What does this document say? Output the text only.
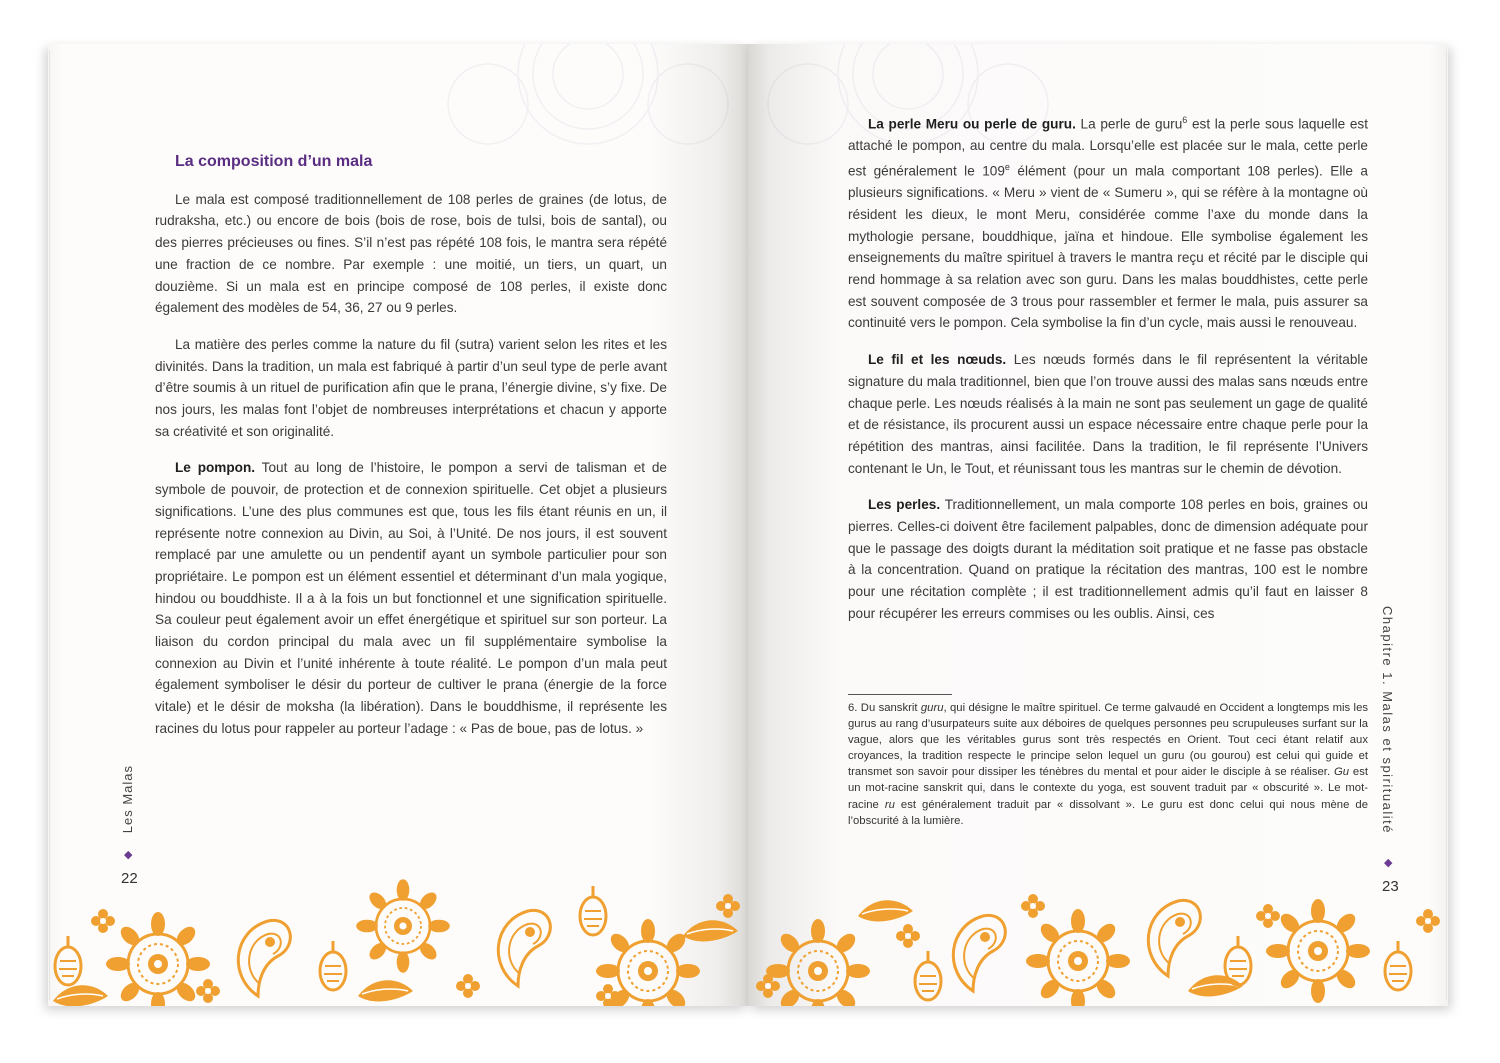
La composition d’un mala

Le mala est composé traditionnellement de 108 perles de graines (de lotus, de rudraksha, etc.) ou encore de bois (bois de rose, bois de tulsi, bois de santal), ou des pierres précieuses ou fines. S’il n’est pas répété 108 fois, le mantra sera répété une fraction de ce nombre. Par exemple : une moitié, un tiers, un quart, un douzième. Si un mala est en principe composé de 108 perles, il existe donc également des modèles de 54, 36, 27 ou 9 perles.

La matière des perles comme la nature du fil (sutra) varient selon les rites et les divinités. Dans la tradition, un mala est fabriqué à partir d’un seul type de perle avant d’être soumis à un rituel de purification afin que le prana, l’énergie divine, s’y fixe. De nos jours, les malas font l’objet de nombreuses interprétations et chacun y apporte sa créativité et son originalité.

Le pompon. Tout au long de l’histoire, le pompon a servi de talisman et de symbole de pouvoir, de protection et de connexion spirituelle. Cet objet a plusieurs significations. L’une des plus communes est que, tous les fils étant réunis en un, il représente notre connexion au Divin, au Soi, à l’Unité. De nos jours, il est souvent remplacé par une amulette ou un pendentif ayant un symbole particulier pour son propriétaire. Le pompon est un élément essentiel et déterminant d’un mala yogique, hindou ou bouddhiste. Il a à la fois un but fonctionnel et une signification spirituelle. Sa couleur peut également avoir un effet énergétique et spirituel sur son porteur. La liaison du cordon principal du mala avec un fil supplémentaire symbolise la connexion au Divin et l’unité inhérente à toute réalité. Le pompon d’un mala peut également symboliser le désir du porteur de cultiver le prana (énergie de la force vitale) et le désir de moksha (la libération). Dans le bouddhisme, il représente les racines du lotus pour rappeler au porteur l’adage : « Pas de boue, pas de lotus. »

Les Malas
◆
22

La perle Meru ou perle de guru. La perle de guru$^6$ est la perle sous laquelle est attaché le pompon, au centre du mala. Lorsqu’elle est placée sur le mala, cette perle est généralement le 109e élément (pour un mala comportant 108 perles). Elle a plusieurs significations. « Meru » vient de « Sumeru », qui se réfère à la montagne où résident les dieux, le mont Meru, considérée comme l’axe du monde dans la mythologie persane, bouddhique, jaïna et hindoue. Elle symbolise également les enseignements du maître spirituel à travers le mantra reçu et récité par le disciple qui rend hommage à sa relation avec son guru. Dans les malas bouddhistes, cette perle est souvent composée de 3 trous pour rassembler et fermer le mala, puis assurer sa continuité vers le pompon. Cela symbolise la fin d’un cycle, mais aussi le renouveau.

Le fil et les nœuds. Les nœuds formés dans le fil représentent la véritable signature du mala traditionnel, bien que l’on trouve aussi des malas sans nœuds entre chaque perle. Les nœuds réalisés à la main ne sont pas seulement un gage de qualité et de résistance, ils procurent aussi un espace nécessaire entre chaque perle pour la répétition des mantras, ainsi facilitée. Dans la tradition, le fil représente l’Univers contenant le Un, le Tout, et réunissant tous les mantras sur le chemin de dévotion.

Les perles. Traditionnellement, un mala comporte 108 perles en bois, graines ou pierres. Celles-ci doivent être facilement palpables, donc de dimension adéquate pour que le passage des doigts durant la méditation soit pratique et ne fasse pas obstacle à la concentration. Quand on pratique la récitation des mantras, 100 est le nombre pour une récitation complète ; il est traditionnellement admis qu’il faut en laisser 8 pour récupérer les erreurs commises ou les oublis. Ainsi, ces

6. Du sanskrit guru, qui désigne le maître spirituel. Ce terme galvaudé en Occident a longtemps mis les gurus au rang d’usurpateurs suite aux déboires de quelques personnes peu scrupuleuses surfant sur la vague, alors que les véritables gurus sont très respectés en Orient. Tout ceci étant relatif aux croyances, la tradition respecte le principe selon lequel un guru (ou gourou) est celui qui guide et transmet son savoir pour dissiper les ténèbres du mental et pour aider le disciple à se réaliser. Gu est un mot-racine sanskrit qui, dans le contexte du yoga, est souvent traduit par « obscurité ». Le mot-racine ru est généralement traduit par « dissolvant ». Le guru est donc celui qui nous mène de l’obscurité à la lumière.	Chapitre 1. Malas et spiritualité
◆
23
